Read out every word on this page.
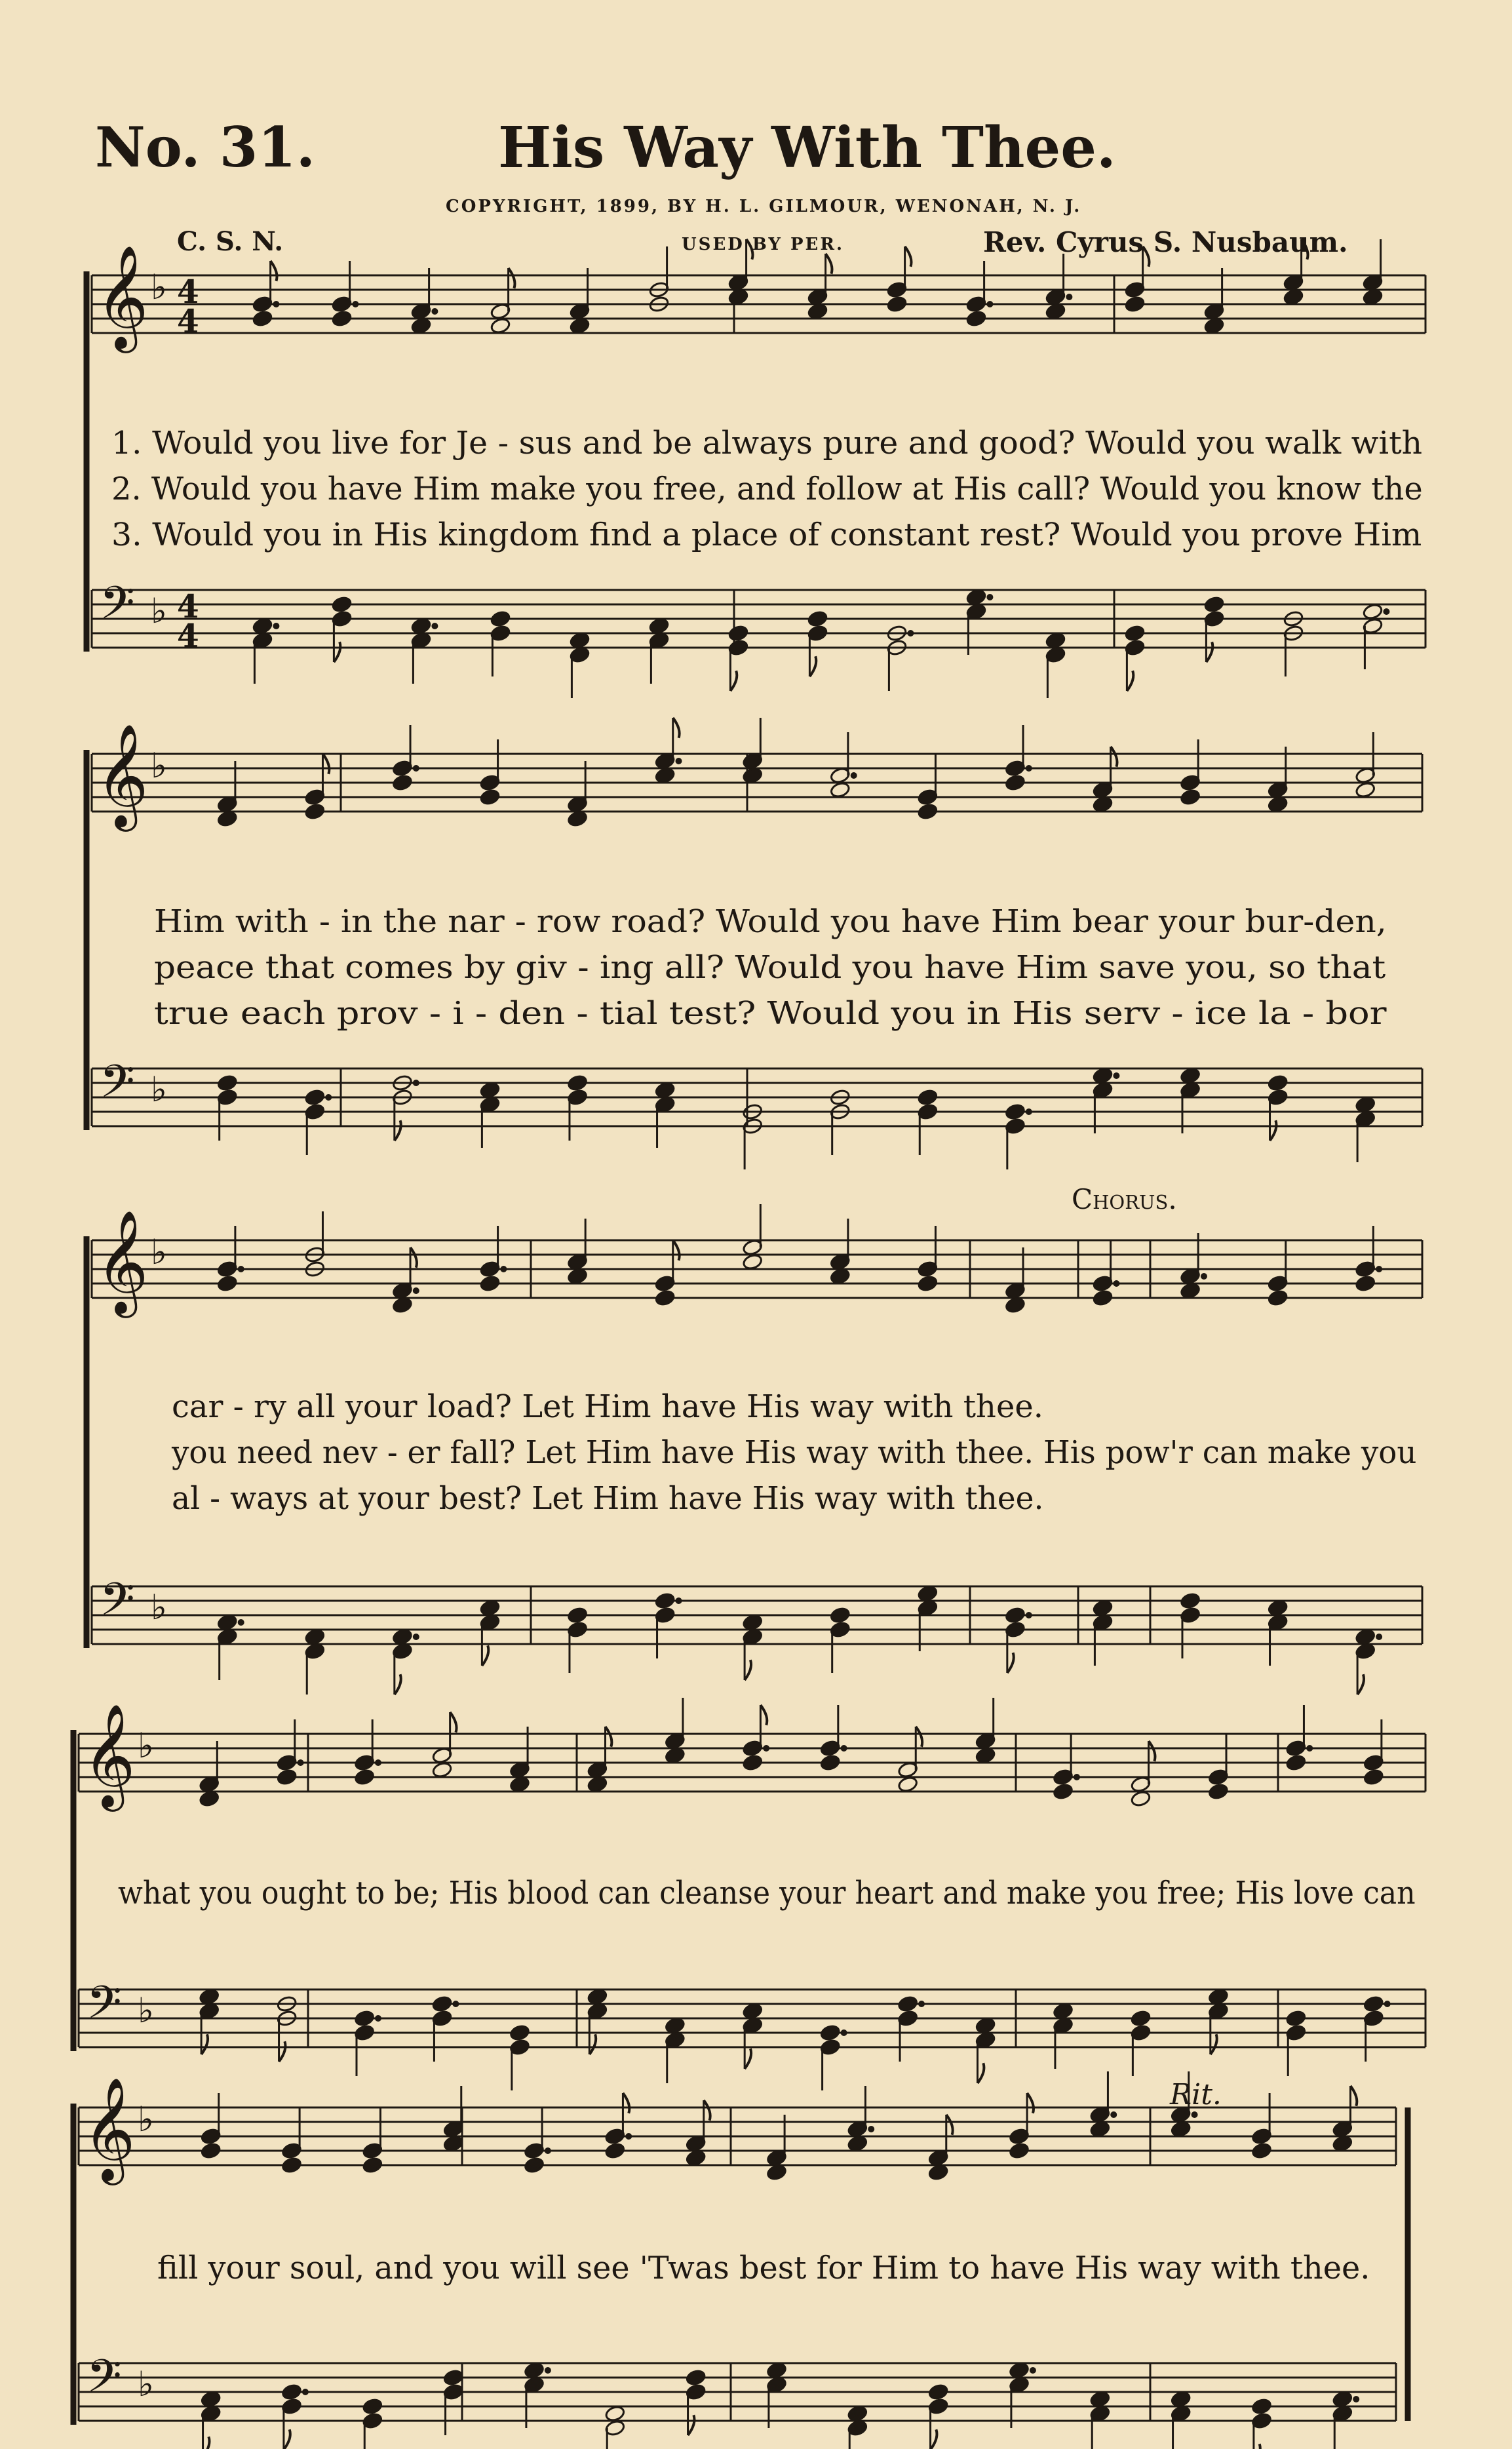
No. 31.	His Way With Thee.
COPYRIGHT, 1899, BY H. L. GILMOUR, WENONAH, N. J.
C. S. N.	USED BY PER.	Rev. Cyrus S. Nusbaum.
𝄞
𝄢
♭
♭
4
4
4
4
𝄞
𝄢
♭
♭
𝄞
𝄢
♭
♭
𝄞
𝄢
♭
♭
𝄞
𝄢
♭
♭
Chorus.
Rit.
1. Would you live for Je - sus and be always pure and good? Would you walk with
2. Would you have Him make you free, and follow at His call? Would you know the
3. Would you in His kingdom find a place of constant rest? Would you prove Him
Him with - in the nar - row road? Would you have Him bear your bur-den,
peace that comes by giv - ing all? Would you have Him save you, so that
true each prov - i - den - tial test? Would you in His serv - ice la - bor
car - ry all your load? Let Him have His way with thee.
you need nev - er fall? Let Him have His way with thee. His pow'r can make you
al - ways at your best? Let Him have His way with thee.
what you ought to be; His blood can cleanse your heart and make you free; His love can
fill your soul, and you will see 'Twas best for Him to have His way with thee.
